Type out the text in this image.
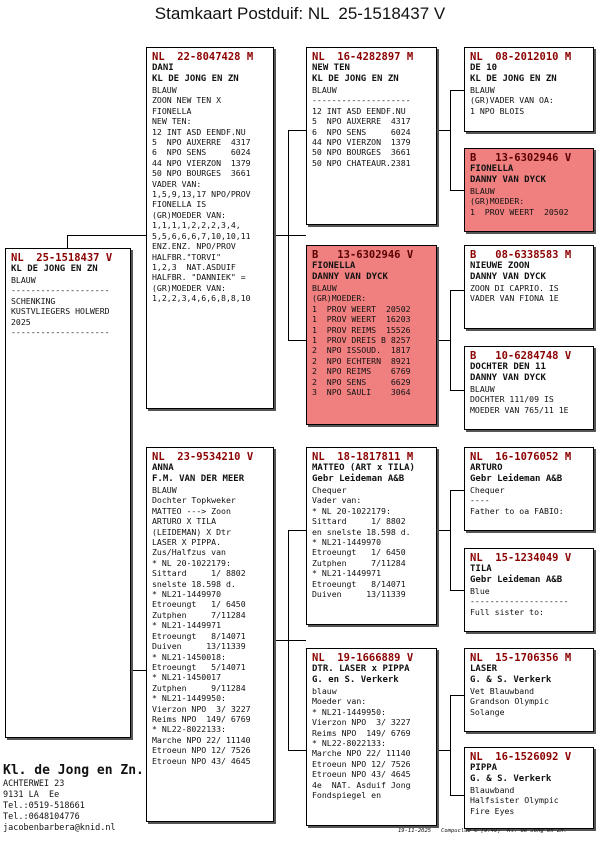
Stamkaart Postduif: NL  25-1518437 V
NL  25-1518437 V
KL DE JONG EN ZN
BLAUW
--------------------
SCHENKING
KUSTVLIEGERS HOLWERD
2025
--------------------
NL  22-8047428 M
DANI
KL DE JONG EN ZN
BLAUW
ZOON NEW TEN X
FIONELLA
NEW TEN:
12 INT ASD EENDF.NU
5  NPO AUXERRE  4317
6  NPO SENS     6024
44 NPO VIERZON  1379
50 NPO BOURGES  3661
VADER VAN:
1,5,9,13,17 NPO/PROV
FIONELLA IS
(GR)MOEDER VAN:
1,1,1,1,2,2,2,3,4,
5,5,6,6,6,7,10,10,11
ENZ.ENZ. NPO/PROV
HALFBR."TORVI"
1,2,3  NAT.ASDUIF
HALFBR. "DANNIEK" =
(GR)MOEDER VAN:
1,2,2,3,4,6,6,8,8,10
NL  23-9534210 V
ANNA
F.M. VAN DER MEER
BLAUW
Dochter Topkweker
MATTEO ---> Zoon
ARTURO X TILA
(LEIDEMAN) X Dtr
LASER X PIPPA.
Zus/Halfzus van
* NL 20-1022179:
Sittard     1/ 8802
snelste 18.598 d.
* NL21-1449970
Etroeungt   1/ 6450
Zutphen     7/11284
* NL21-1449971
Etroeungt   8/14071
Duiven     13/11339
* NL21-1450018:
Etroeungt   5/14071
* NL21-1450017
Zutphen     9/11284
* NL21-1449950:
Vierzon NPO  3/ 3227
Reims NPO  149/ 6769
* NL22-8022133:
Marche NPO 22/ 11140
Etroeun NPO 12/ 7526
Etroeun NPO 43/ 4645
NL  16-4282897 M
NEW TEN
KL DE JONG EN ZN
BLAUW
--------------------
12 INT ASD EENDF.NU
5  NPO AUXERRE  4317
6  NPO SENS     6024
44 NPO VIERZON  1379
50 NPO BOURGES  3661
50 NPO CHATEAUR.2381
B   13-6302946 V
FIONELLA
DANNY VAN DYCK
BLAUW
(GR)MOEDER:
1  PROV WEERT  20502
1  PROV WEERT  16203
1  PROV REIMS  15526
1  PROV DREIS B 8257
2  NPO ISSOUD.  1817
2  NPO ECHTERN  8921
2  NPO REIMS    6769
2  NPO SENS     6629
3  NPO SAULI    3064
NL  18-1817811 M
MATTEO (ART x TILA)
Gebr Leideman A&B
Chequer
Vader van:
* NL 20-1022179:
Sittard     1/ 8802
en snelste 18.598 d.
* NL21-1449970
Etroeungt   1/ 6450
Zutphen     7/11284
* NL21-1449971
Etroeungt   8/14071
Duiven     13/11339
NL  19-1666889 V
DTR. LASER x PIPPA
G. en S. Verkerk
blauw
Moeder van:
* NL21-1449950:
Vierzon NPO  3/ 3227
Reims NPO  149/ 6769
* NL22-8022133:
Marche NPO 22/ 11140
Etroeun NPO 12/ 7526
Etroeun NPO 43/ 4645
4e  NAT. Asduif Jong
Fondspiegel en
NL  08-2012010 M
DE 10
KL DE JONG EN ZN
BLAUW
(GR)VADER VAN OA:
1 NPO BLOIS
B   13-6302946 V
FIONELLA
DANNY VAN DYCK
BLAUW
(GR)MOEDER:
1  PROV WEERT  20502
B   08-6338583 M
NIEUWE ZOON
DANNY VAN DYCK
ZOON DI CAPRIO. IS
VADER VAN FIONA 1E
B   10-6284748 V
DOCHTER DEN 11
DANNY VAN DYCK
BLAUW
DOCHTER 111/09 IS
MOEDER VAN 765/11 1E
NL  16-1076052 M
ARTURO
Gebr Leideman A&B
Chequer
----
Father to oa FABIO:
NL  15-1234049 V
TILA
Gebr Leideman A&B
Blue
--------------------
Full sister to:
NL  15-1706356 M
LASER
G. & S. Verkerk
Vet Blauwband
Grandson Olympic
Solange
NL  16-1526092 V
PIPPA
G. & S. Verkerk
Blauwband
Halfsister Olympic
Fire Eyes
Kl. de Jong en Zn.
ACHTERWEI 23
9131 LA  Ee
Tel.:0519-518661
Tel.:0648104776
jacobenbarbera@knid.nl	19-11-2025   Compuclub © [9.49]  Kl. de Jong en Zn.
